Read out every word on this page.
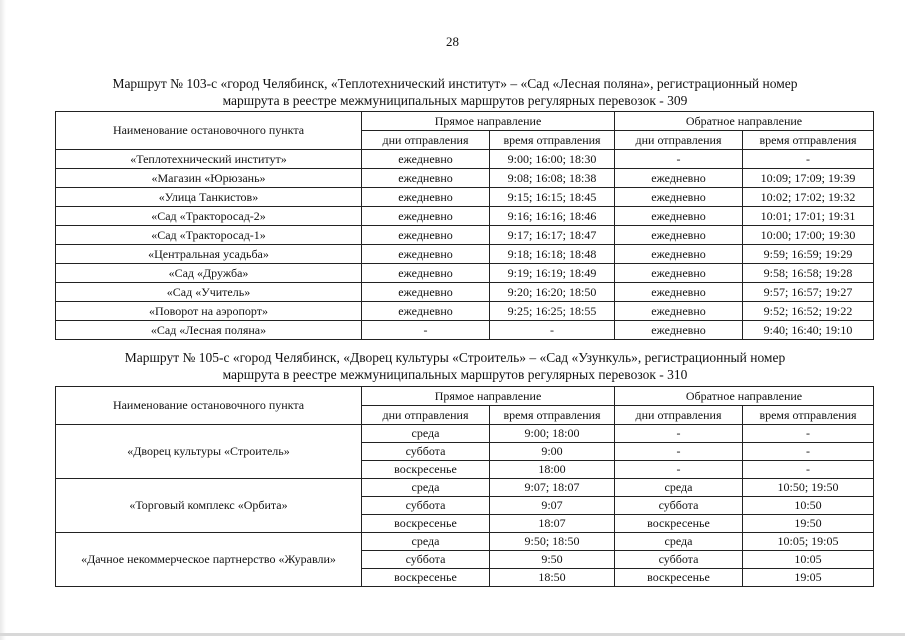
28
Маршрут № 103-с «город Челябинск, «Теплотехнический институт» – «Сад «Лесная поляна», регистрационный номер
маршрута в реестре межмуниципальных маршрутов регулярных перевозок - 309
Наименование остановочного пункта	Прямое направление		Обратное направление	
	дни отправления	время отправления	дни отправления	время отправления
«Теплотехнический институт»	ежедневно	9:00; 16:00; 18:30	-	-
«Магазин «Юрюзань»	ежедневно	9:08; 16:08; 18:38	ежедневно	10:09; 17:09; 19:39
«Улица Танкистов»	ежедневно	9:15; 16:15; 18:45	ежедневно	10:02; 17:02; 19:32
«Сад «Трактоpосад-2»	ежедневно	9:16; 16:16; 18:46	ежедневно	10:01; 17:01; 19:31
«Сад «Трактоpосад-1»	ежедневно	9:17; 16:17; 18:47	ежедневно	10:00; 17:00; 19:30
«Центральная усадьба»	ежедневно	9:18; 16:18; 18:48	ежедневно	9:59; 16:59; 19:29
«Сад «Дружба»	ежедневно	9:19; 16:19; 18:49	ежедневно	9:58; 16:58; 19:28
«Сад «Учитель»	ежедневно	9:20; 16:20; 18:50	ежедневно	9:57; 16:57; 19:27
«Поворот на аэропорт»	ежедневно	9:25; 16:25; 18:55	ежедневно	9:52; 16:52; 19:22
«Сад «Лесная поляна»	-	-	ежедневно	9:40; 16:40; 19:10
Маршрут № 105-с «город Челябинск, «Дворец культуры «Строитель» – «Сад «Узункуль», регистрационный номер
маршрута в реестре межмуниципальных маршрутов регулярных перевозок - 310
Наименование остановочного пункта	Прямое направление		Обратное направление	
	дни отправления	время отправления	дни отправления	время отправления
«Дворец культуры «Строитель»	среда	9:00; 18:00	-	-
	суббота	9:00	-	-
	воскресенье	18:00	-	-
«Торговый комплекс «Орбита»	среда	9:07; 18:07	среда	10:50; 19:50
	суббота	9:07	суббота	10:50
	воскресенье	18:07	воскресенье	19:50
«Дачное некоммерческое партнерство «Журавли»	среда	9:50; 18:50	среда	10:05; 19:05
	суббота	9:50	суббота	10:05
	воскресенье	18:50	воскресенье	19:05
